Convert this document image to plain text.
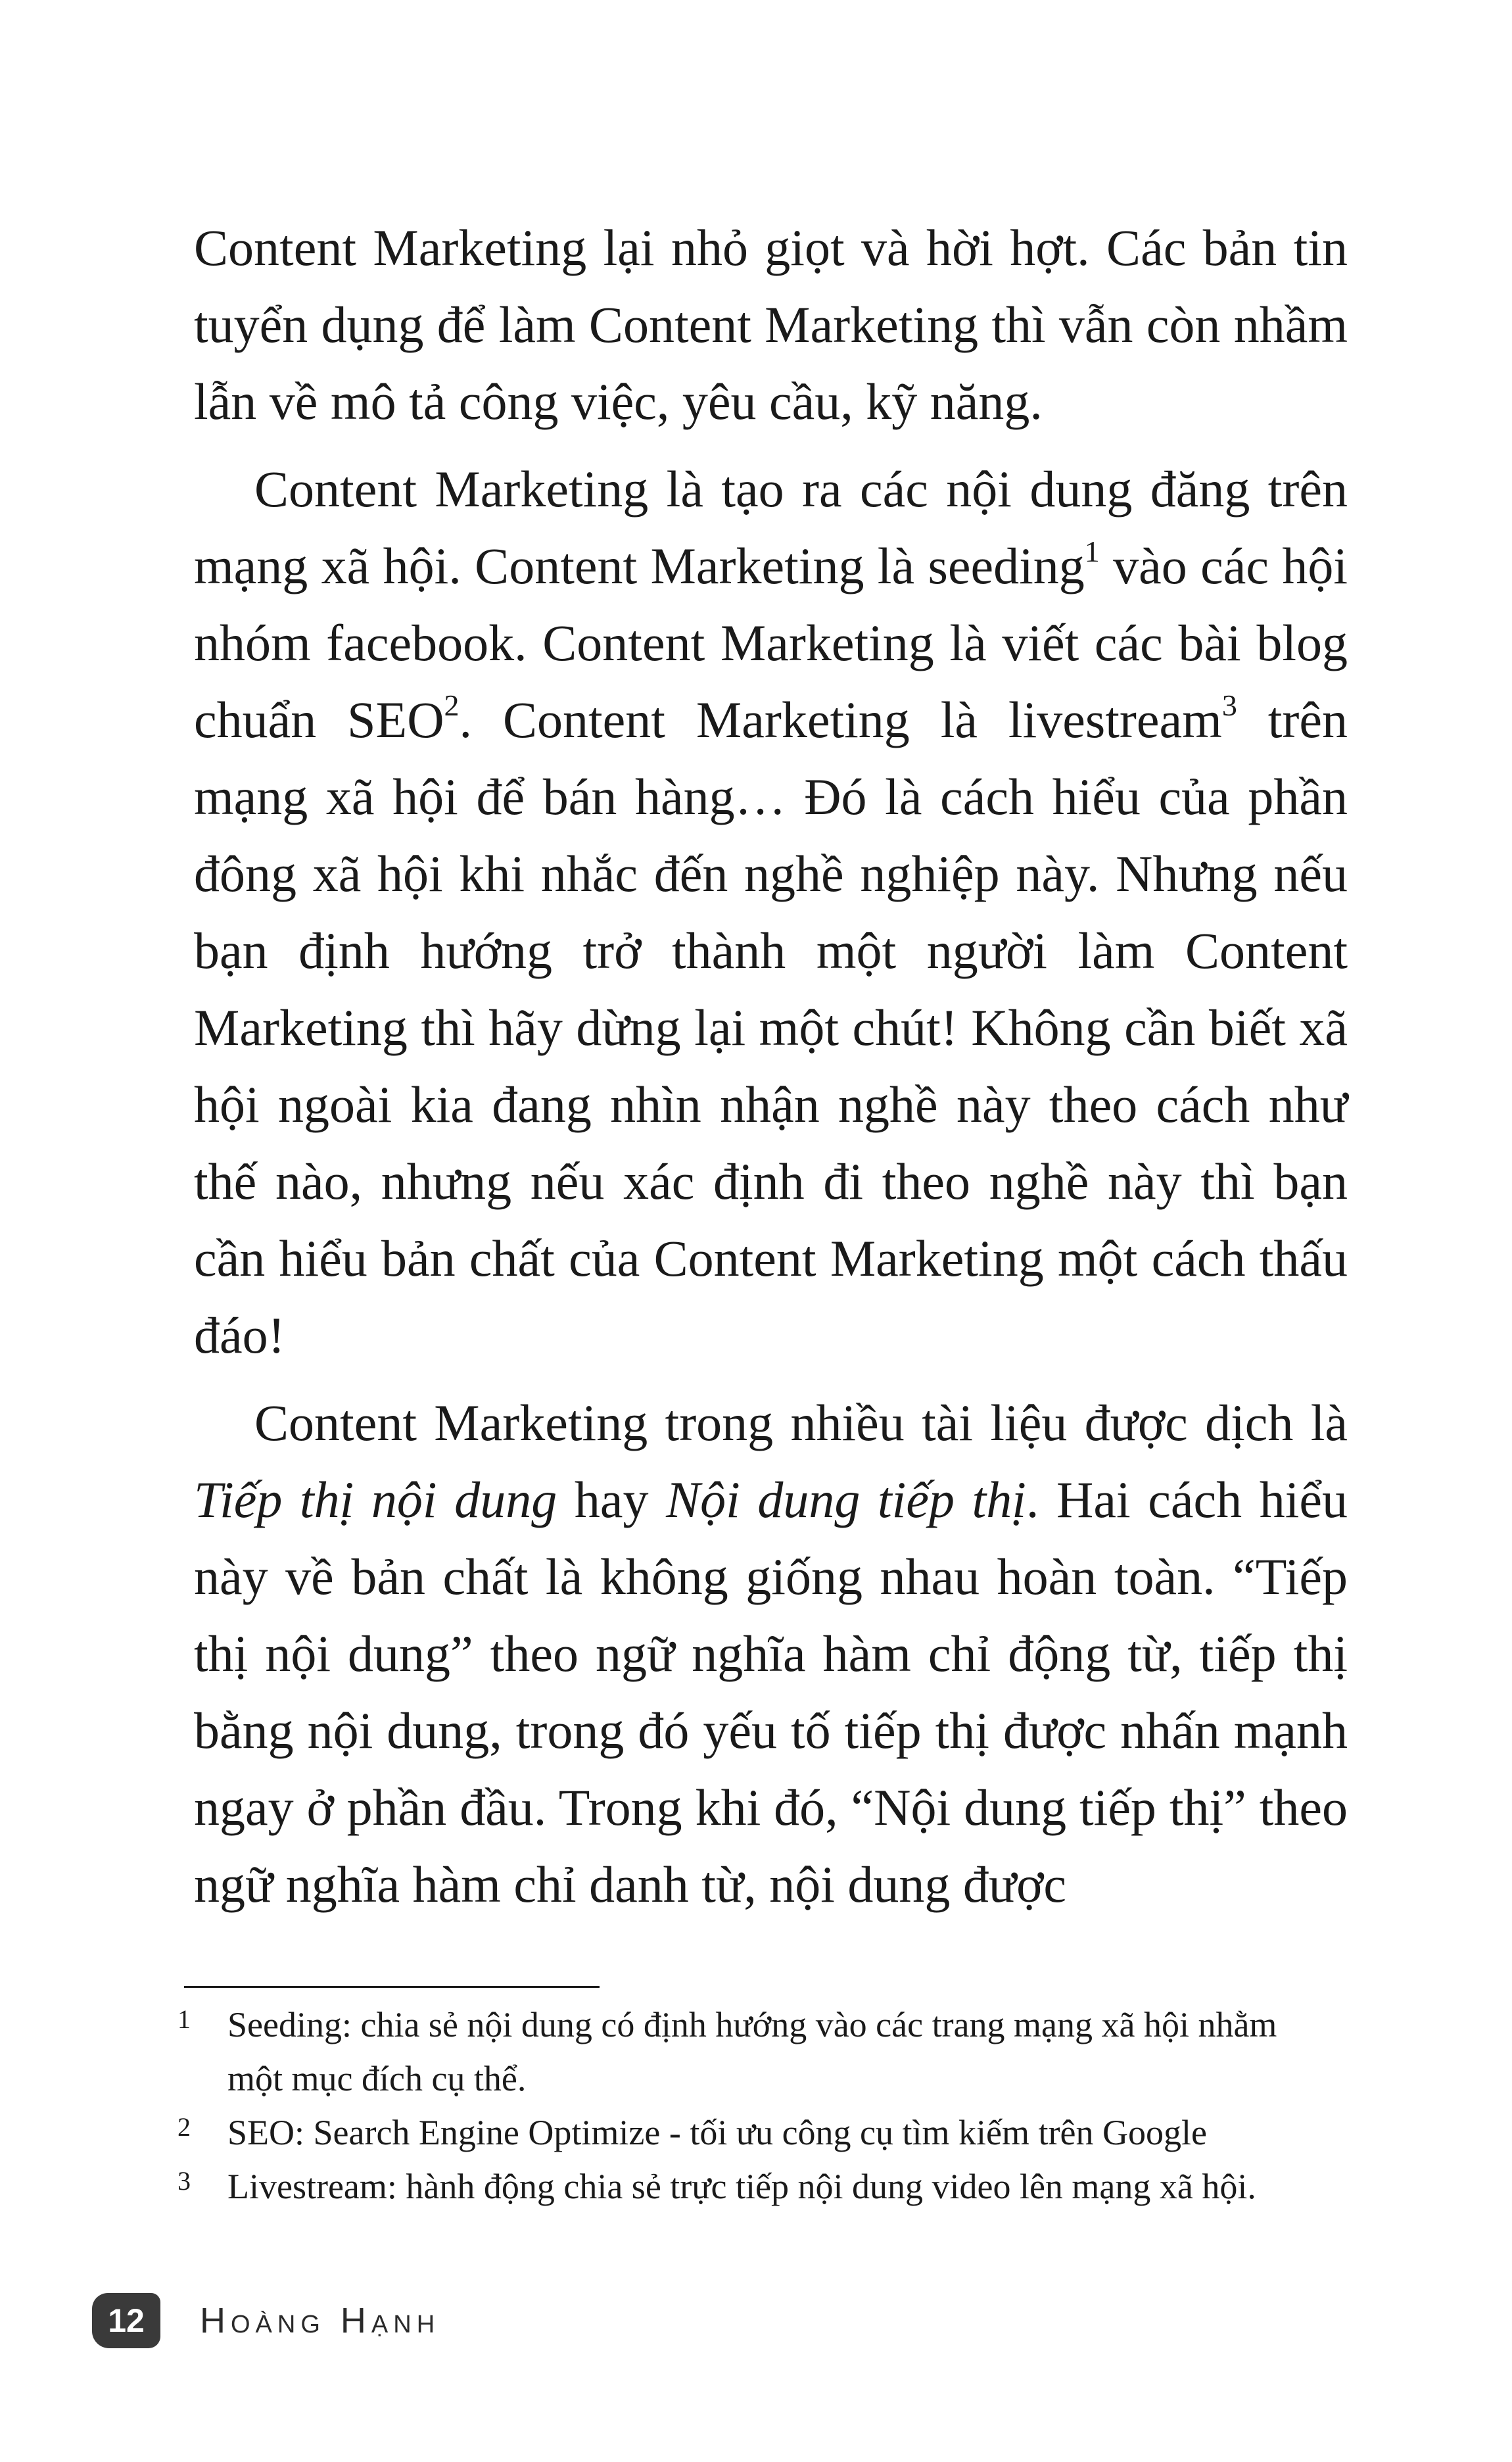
Content Marketing lại nhỏ giọt và hời hợt. Các bản tin tuyển dụng để làm Content Marketing thì vẫn còn nhầm lẫn về mô tả công việc, yêu cầu, kỹ năng.

Content Marketing là tạo ra các nội dung đăng trên mạng xã hội. Content Marketing là seeding$^1$ vào các hội nhóm facebook. Content Marketing là viết các bài blog chuẩn SEO$^2$. Content Marketing là livestream$^3$ trên mạng xã hội để bán hàng… Đó là cách hiểu của phần đông xã hội khi nhắc đến nghề nghiệp này. Nhưng nếu bạn định hướng trở thành một người làm Content Marketing thì hãy dừng lại một chút! Không cần biết xã hội ngoài kia đang nhìn nhận nghề này theo cách như thế nào, nhưng nếu xác định đi theo nghề này thì bạn cần hiểu bản chất của Content Marketing một cách thấu đáo!

Content Marketing trong nhiều tài liệu được dịch là Tiếp thị nội dung hay Nội dung tiếp thị. Hai cách hiểu này về bản chất là không giống nhau hoàn toàn. “Tiếp thị nội dung” theo ngữ nghĩa hàm chỉ động từ, tiếp thị bằng nội dung, trong đó yếu tố tiếp thị được nhấn mạnh ngay ở phần đầu. Trong khi đó, “Nội dung tiếp thị” theo ngữ nghĩa hàm chỉ danh từ, nội dung được

1 Seeding: chia sẻ nội dung có định hướng vào các trang mạng xã hội nhằm một mục đích cụ thể.

2 SEO: Search Engine Optimize - tối ưu công cụ tìm kiếm trên Google

3 Livestream: hành động chia sẻ trực tiếp nội dung video lên mạng xã hội.

12 Hoàng Hạnh
